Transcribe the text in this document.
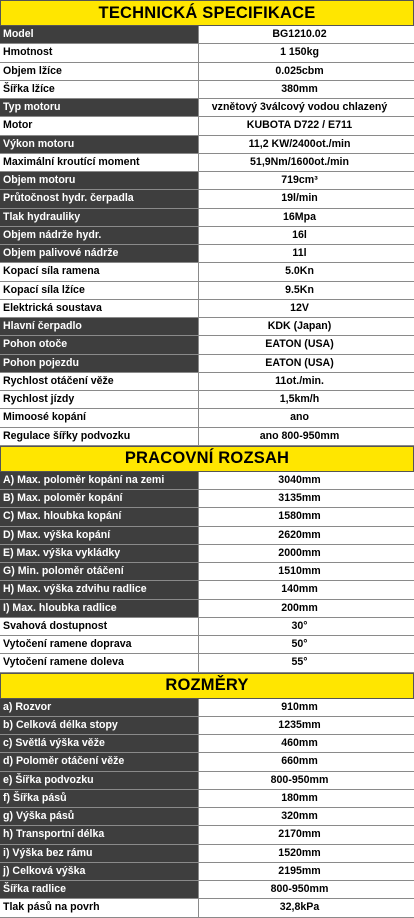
TECHNICKÁ SPECIFIKACE
Model	BG1210.02
Hmotnost	1 150kg
Objem lžíce	0.025cbm
Šířka lžíce	380mm
Typ motoru	vznětový 3válcový vodou chlazený
Motor	KUBOTA D722 / E711
Výkon motoru	11,2 KW/2400ot./min
Maximální kroutící moment	51,9Nm/1600ot./min
Objem motoru	719cm³
Průtočnost hydr. čerpadla	19l/min
Tlak hydrauliky	16Mpa
Objem nádrže hydr.	16l
Objem palivové nádrže	11l
Kopací síla ramena	5.0Kn
Kopací síla lžíce	9.5Kn
Elektrická soustava	12V
Hlavní čerpadlo	KDK (Japan)
Pohon otoče	EATON (USA)
Pohon pojezdu	EATON (USA)
Rychlost otáčení věže	11ot./min.
Rychlost jízdy	1,5km/h
Mimoosé kopání	ano
Regulace šířky podvozku	ano 800-950mm
PRACOVNÍ ROZSAH
A) Max. poloměr kopání na zemi	3040mm
B) Max. poloměr kopání	3135mm
C) Max. hloubka kopání	1580mm
D) Max. výška kopání	2620mm
E) Max. výška vykládky	2000mm
G) Min. poloměr otáčení	1510mm
H) Max. výška zdvihu radlice	140mm
I) Max. hloubka radlice	200mm
Svahová dostupnost	30°
Vytočení ramene doprava	50°
Vytočení ramene doleva	55°
ROZMĚRY
a) Rozvor	910mm
b) Celková délka stopy	1235mm
c) Světlá výška věže	460mm
d) Poloměr otáčení věže	660mm
e) Šířka podvozku	800-950mm
f) Šířka pásů	180mm
g) Výška pásů	320mm
h) Transportní délka	2170mm
i) Výška bez rámu	1520mm
j) Celková výška	2195mm
Šířka radlice	800-950mm
Tlak pásů na povrh	32,8kPa
